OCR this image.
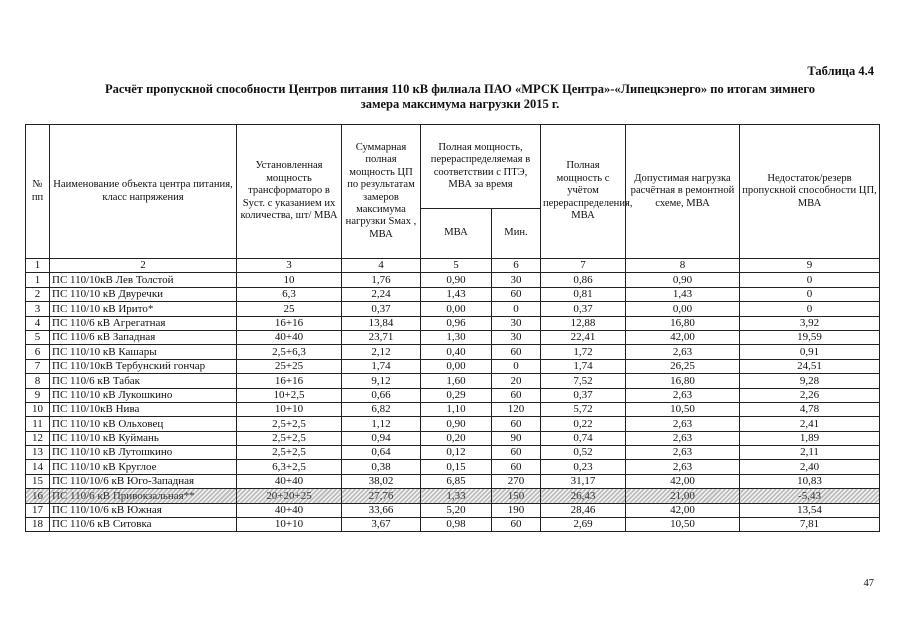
Таблица 4.4
Расчёт пропускной способности Центров питания 110 кВ филиала ПАО «МРСК Центра»-«Липецкэнерго» по итогам зимнего
замера максимума нагрузки 2015 г.
№ пп	Наименование объекта центра питания, класс напряжения	Установленная мощность трансформаторо в Sуст. с указанием их количества, шт/ МВА	Суммарная полная мощность ЦП по результатам замеров максимума нагрузки Sмах , МВА	Полная мощность, перераспределяемая в соответствии с ПТЭ, МВА за время		Полная мощность с учётом перераспределения, МВА	Допустимая нагрузка расчётная в ремонтной схеме, МВА	Недостаток/резерв пропускной способности ЦП, МВА
				МВА	Мин.			
1	2	3	4	5	6	7	8	9
1	ПС 110/10кВ Лев Толстой	10	1,76	0,90	30	0,86	0,90	0
2	ПС 110/10 кВ Двуречки	6,3	2,24	1,43	60	0,81	1,43	0
3	ПС 110/10 кВ Ирито*	25	0,37	0,00	0	0,37	0,00	0
4	ПС 110/6 кВ Агрегатная	16+16	13,84	0,96	30	12,88	16,80	3,92
5	ПС 110/6 кВ Западная	40+40	23,71	1,30	30	22,41	42,00	19,59
6	ПС 110/10 кВ Кашары	2,5+6,3	2,12	0,40	60	1,72	2,63	0,91
7	ПС 110/10кВ Тербунский гончар	25+25	1,74	0,00	0	1,74	26,25	24,51
8	ПС 110/6 кВ Табак	16+16	9,12	1,60	20	7,52	16,80	9,28
9	ПС 110/10 кВ Лукошкино	10+2,5	0,66	0,29	60	0,37	2,63	2,26
10	ПС 110/10кВ Нива	10+10	6,82	1,10	120	5,72	10,50	4,78
11	ПС 110/10 кВ Ольховец	2,5+2,5	1,12	0,90	60	0,22	2,63	2,41
12	ПС 110/10 кВ Куймань	2,5+2,5	0,94	0,20	90	0,74	2,63	1,89
13	ПС 110/10 кВ Лутошкино	2,5+2,5	0,64	0,12	60	0,52	2,63	2,11
14	ПС 110/10 кВ Круглое	6,3+2,5	0,38	0,15	60	0,23	2,63	2,40
15	ПС 110/10/6 кВ Юго-Западная	40+40	38,02	6,85	270	31,17	42,00	10,83
16	ПС 110/6 кВ Привокзальная**	20+20+25	27,76	1,33	150	26,43	21,00	-5,43
17	ПС 110/10/6 кВ Южная	40+40	33,66	5,20	190	28,46	42,00	13,54
18	ПС 110/6 кВ Ситовка	10+10	3,67	0,98	60	2,69	10,50	7,81
47
